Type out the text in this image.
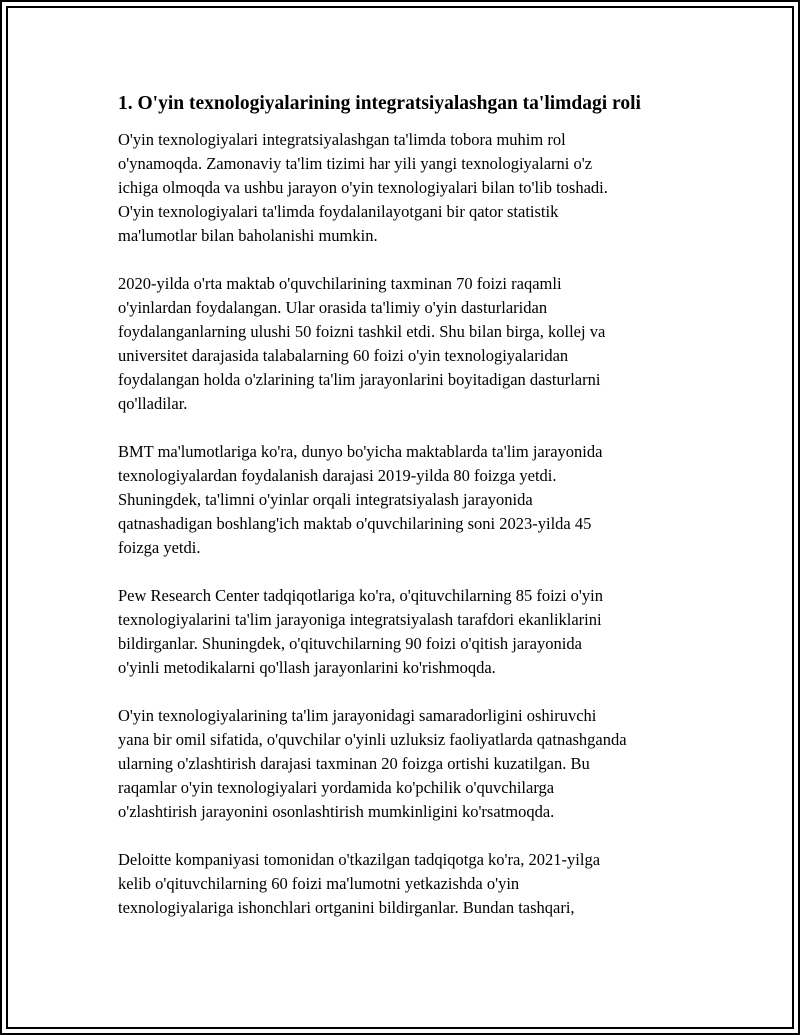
1. O'yin texnologiyalarining integratsiyalashgan ta'limdagi roli

O'yin texnologiyalari integratsiyalashgan ta'limda tobora muhim rol
o'ynamoqda. Zamonaviy ta'lim tizimi har yili yangi texnologiyalarni o'z
ichiga olmoqda va ushbu jarayon o'yin texnologiyalari bilan to'lib toshadi.
O'yin texnologiyalari ta'limda foydalanilayotgani bir qator statistik
ma'lumotlar bilan baholanishi mumkin.

2020-yilda o'rta maktab o'quvchilarining taxminan 70 foizi raqamli
o'yinlardan foydalangan. Ular orasida ta'limiy o'yin dasturlaridan
foydalanganlarning ulushi 50 foizni tashkil etdi. Shu bilan birga, kollej va
universitet darajasida talabalarning 60 foizi o'yin texnologiyalaridan
foydalangan holda o'zlarining ta'lim jarayonlarini boyitadigan dasturlarni
qo'lladilar.

BMT ma'lumotlariga ko'ra, dunyo bo'yicha maktablarda ta'lim jarayonida
texnologiyalardan foydalanish darajasi 2019-yilda 80 foizga yetdi.
Shuningdek, ta'limni o'yinlar orqali integratsiyalash jarayonida
qatnashadigan boshlang'ich maktab o'quvchilarining soni 2023-yilda 45
foizga yetdi.

Pew Research Center tadqiqotlariga ko'ra, o'qituvchilarning 85 foizi o'yin
texnologiyalarini ta'lim jarayoniga integratsiyalash tarafdori ekanliklarini
bildirganlar. Shuningdek, o'qituvchilarning 90 foizi o'qitish jarayonida
o'yinli metodikalarni qo'llash jarayonlarini ko'rishmoqda.

O'yin texnologiyalarining ta'lim jarayonidagi samaradorligini oshiruvchi
yana bir omil sifatida, o'quvchilar o'yinli uzluksiz faoliyatlarda qatnashganda
ularning o'zlashtirish darajasi taxminan 20 foizga ortishi kuzatilgan. Bu
raqamlar o'yin texnologiyalari yordamida ko'pchilik o'quvchilarga
o'zlashtirish jarayonini osonlashtirish mumkinligini ko'rsatmoqda.

Deloitte kompaniyasi tomonidan o'tkazilgan tadqiqotga ko'ra, 2021-yilga
kelib o'qituvchilarning 60 foizi ma'lumotni yetkazishda o'yin
texnologiyalariga ishonchlari ortganini bildirganlar. Bundan tashqari,
